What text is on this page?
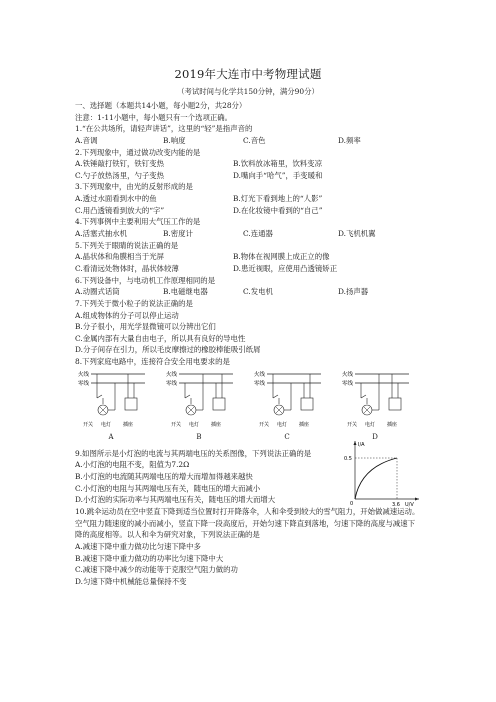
2019年大连市中考物理试题
（考试时间与化学共150分钟，满分90分）
一、选择题（本题共14小题，每小题2分，共28分）
注意：1-11小题中，每小题只有一个选项正确。
1.“在公共场所，请轻声讲话”，这里的“轻”是指声音的
A.音调	B.响度	C.音色	D.频率
2.下列现象中，通过做功改变内能的是
A.铁锤敲打铁钉，铁钉变热	B.饮料放冰箱里，饮料变凉
C.勺子放热汤里，勺子变热	D.嘴向手“哈气”，手变暖和
3.下列现象中，由光的反射形成的是
A.透过水面看到水中的鱼	B.灯光下看到地上的“人影”
C.用凸透镜看到放大的“字”	D.在化妆镜中看到的“自己”
4.下列事例中主要利用大气压工作的是
A.活塞式抽水机	B.密度计	C.连通器	D.飞机机翼
5.下列关于眼睛的说法正确的是
A.晶状体和角膜相当于光屏	B.物体在视网膜上成正立的像
C.看清远处物体时，晶状体较薄	D.患近视眼，应使用凸透镜矫正
6.下列设备中，与电动机工作原理相同的是
A.动圈式话筒	B.电磁继电器	C.发电机	D.扬声器
7.下列关于微小粒子的说法正确的是
A.组成物体的分子可以停止运动
B.分子很小，用光学显微镜可以分辨出它们
C.金属内部有大量自由电子，所以具有良好的导电性
D.分子间存在引力，所以毛皮摩擦过的橡胶棒能吸引纸屑
8.下列家庭电路中，连接符合安全用电要求的是
火线
零线
开关 电灯 插座
A
火线
零线
开关 电灯 插座
B
火线
零线
开关 电灯 插座
C
火线
零线
开关 电灯 插座
D
9.如图所示是小灯泡的电流与其两端电压的关系图像，下列说法正确的是
A.小灯泡的电阻不变，阻值为7.2Ω
B.小灯泡的电流随其两端电压的增大而增加得越来越快
C.小灯泡的电阻与其两端电压有关，随电压的增大而减小
D.小灯泡的实际功率与其两端电压有关，随电压的增大而增大
I/A
U/V
0.5
3.6
0
10.跳伞运动员在空中竖直下降到适当位置时打开降落伞，人和伞受到较大的雪气阻力，开始做减速运动。空气阻力随速度的减小而减小，竖直下降一段高度后，开始匀速下降直到落地，匀速下降的高度与减速下降的高度相等。以人和伞为研究对象，下列说法正确的是
A.减速下降中重力做功比匀速下降中多
B.减速下降中重力做功的功率比匀速下降中大
C.减速下降中减少的动能等于克服空气阻力做的功
D.匀速下降中机械能总量保持不变
